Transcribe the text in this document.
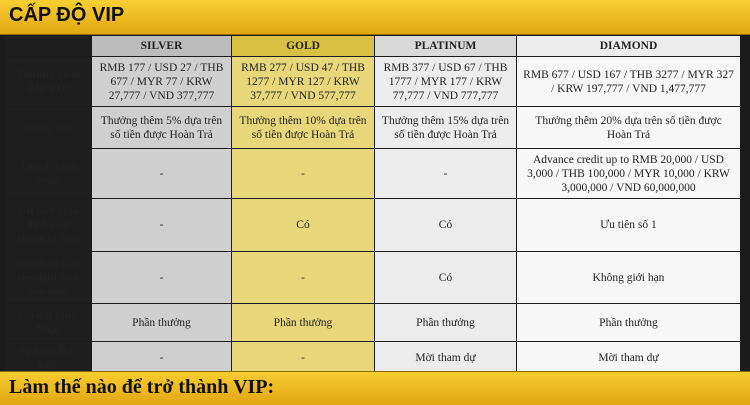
CẤP ĐỘ VIP
	SILVER	GOLD	PLATINUM	DIAMOND
Thưởng chào đón VIP	RMB 177 / USD 27 / THB 677 / MYR 77 / KRW 27,777 / VND 377,777	RMB 277 / USD 47 / THB 1277 / MYR 127 / KRW 37,777 / VND 577,777	RMB 377 / USD 67 / THB 1777 / MYR 177 / KRW 77,777 / VND 777,777	RMB 677 / USD 167 / THB 3277 / MYR 327 / KRW 197,777 / VND 1,477,777
Hoàn Trả	Thưởng thêm 5% dựa trên số tiền được Hoàn Trả	Thưởng thêm 10% dựa trên số tiền được Hoàn Trả	Thưởng thêm 15% dựa trên số tiền được Hoàn Trả	Thưởng thêm 20% dựa trên số tiền được Hoàn Trả
Thanh toán trước	-	-	-	Advance credit up to RMB 20,000 / USD 3,000 / THB 100,000 / MYR 10,000 / KRW 3,000,000 / VND 60,000,000
Ưu tiên giao dịch Gửi tiền/Rút tiền	-	Có	Có	Ưu tiên số 1
Giới hạn Gửi tiền/Rút tiền cao hơn	-	-	Có	Không giới hạn
Ưu đãi Sinh Nhật	Phần thưởng	Phần thưởng	Phần thưởng	Phần thưởng
Sự kiện Đặc biệt	-	-	Mời tham dự	Mời tham dự
Làm thế nào để trở thành VIP:
